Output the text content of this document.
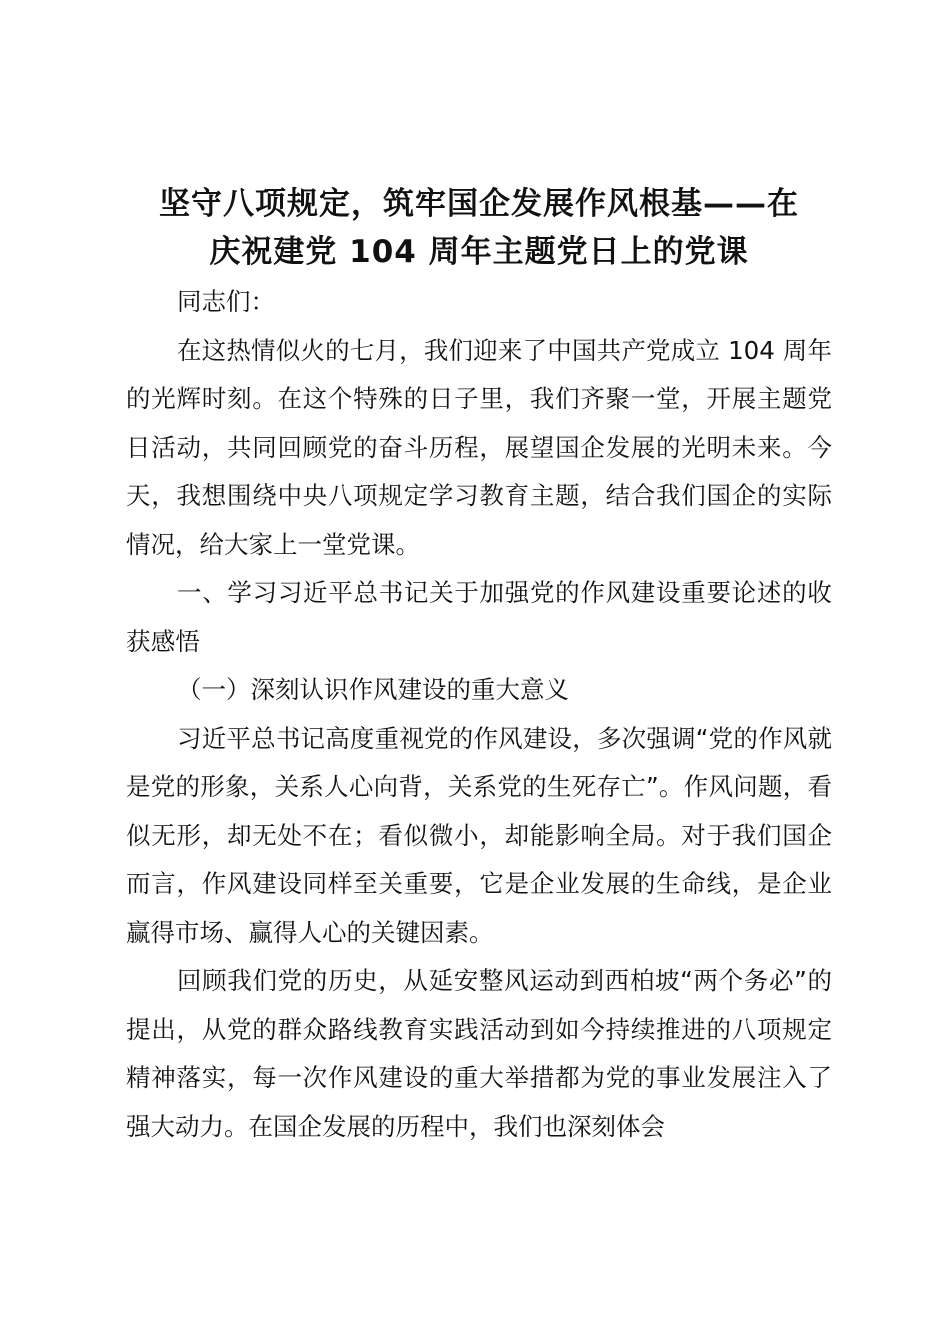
坚守八项规定，筑牢国企发展作风根基——在
庆祝建党 104 周年主题党日上的党课

同志们：

在这热情似火的七月，我们迎来了中国共产党成立 104 周年的光辉时刻。在这个特殊的日子里，我们齐聚一堂，开展主题党日活动，共同回顾党的奋斗历程，展望国企发展的光明未来。今天，我想围绕中央八项规定学习教育主题，结合我们国企的实际情况，给大家上一堂党课。

一、学习习近平总书记关于加强党的作风建设重要论述的收获感悟

（一）深刻认识作风建设的重大意义

习近平总书记高度重视党的作风建设，多次强调“党的作风就是党的形象，关系人心向背，关系党的生死存亡”。作风问题，看似无形，却无处不在；看似微小，却能影响全局。对于我们国企而言，作风建设同样至关重要，它是企业发展的生命线，是企业赢得市场、赢得人心的关键因素。

回顾我们党的历史，从延安整风运动到西柏坡“两个务必”的提出，从党的群众路线教育实践活动到如今持续推进的八项规定精神落实，每一次作风建设的重大举措都为党的事业发展注入了强大动力。在国企发展的历程中，我们也深刻体会
